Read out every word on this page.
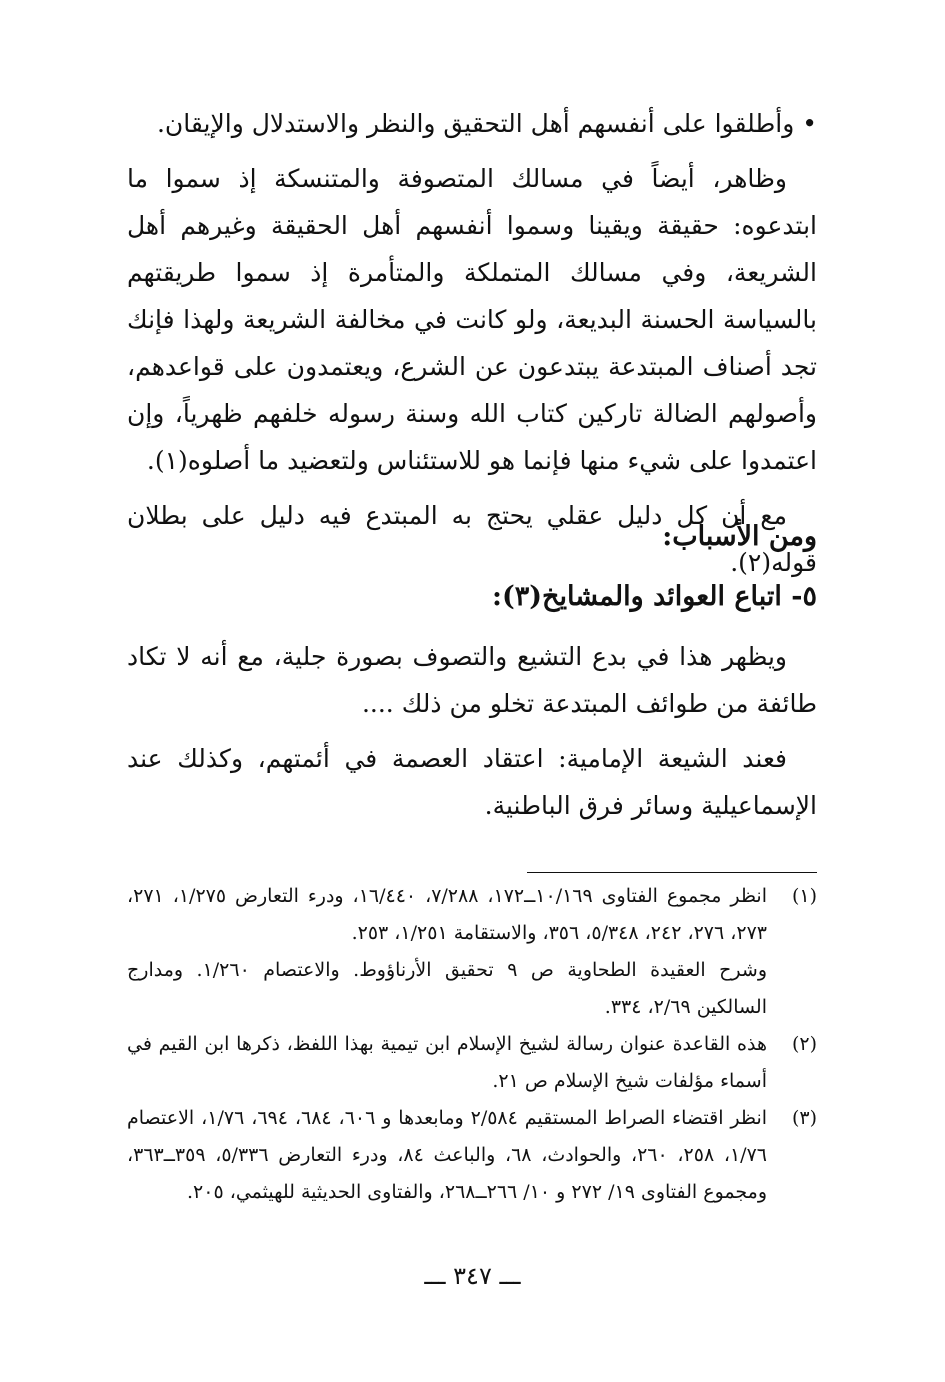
• وأطلقوا على أنفسهم أهل التحقيق والنظر والاستدلال والإيقان.

وظاهر، أيضاً في مسالك المتصوفة والمتنسكة إذ سموا ما ابتدعوه: حقيقة ويقينا وسموا أنفسهم أهل الحقيقة وغيرهم أهل الشريعة، وفي مسالك المتملكة والمتأمرة إذ سموا طريقتهم بالسياسة الحسنة البديعة، ولو كانت في مخالفة الشريعة ولهذا فإنك تجد أصناف المبتدعة يبتدعون عن الشرع، ويعتمدون على قواعدهم، وأصولهم الضالة تاركين كتاب الله وسنة رسوله خلفهم ظهرياً، وإن اعتمدوا على شيء منها فإنما هو للاستئناس ولتعضيد ما أصلوه(١).

مع أن كل دليل عقلي يحتج به المبتدع فيه دليل على بطلان قوله(٢).

ومن الأسباب:
٥- اتباع العوائد والمشايخ(٣):

ويظهر هذا في بدع التشيع والتصوف بصورة جلية، مع أنه لا تكاد طائفة من طوائف المبتدعة تخلو من ذلك ....

فعند الشيعة الإمامية: اعتقاد العصمة في أئمتهم، وكذلك عند الإسماعيلية وسائر فرق الباطنية.

(١)
انظر مجموع الفتاوى ١٠/١٦٩ــ١٧٢، ٧/٢٨٨، ١٦/٤٤٠، ودرء التعارض ١/٢٧٥، ٢٧١، ٢٧٣، ٢٧٦، ٢٤٢، ٥/٣٤٨، ٣٥٦، والاستقامة ١/٢٥١، ٢٥٣.

وشرح العقيدة الطحاوية ص ٩ تحقيق الأرناؤوط. والاعتصام ١/٢٦٠. ومدارج السالكين ٢/٦٩، ٣٣٤.

(٢)
هذه القاعدة عنوان رسالة لشيخ الإسلام ابن تيمية بهذا اللفظ، ذكرها ابن القيم في أسماء مؤلفات شيخ الإسلام ص ٢١.
(٣)
انظر اقتضاء الصراط المستقيم ٢/٥٨٤ ومابعدها و ٦٠٦، ٦٨٤، ٦٩٤، ١/٧٦، الاعتصام ١/٧٦، ٢٥٨، ٢٦٠، والحوادث، ٦٨، والباعث ٨٤، ودرء التعارض ٥/٣٣٦، ٣٥٩ــ٣٦٣، ومجموع الفتاوى ١٩/ ٢٧٢ و ١٠/ ٢٦٦ــ٢٦٨، والفتاوى الحديثية للهيثمي، ٢٠٥.
ـــ ٣٤٧ ـــ
